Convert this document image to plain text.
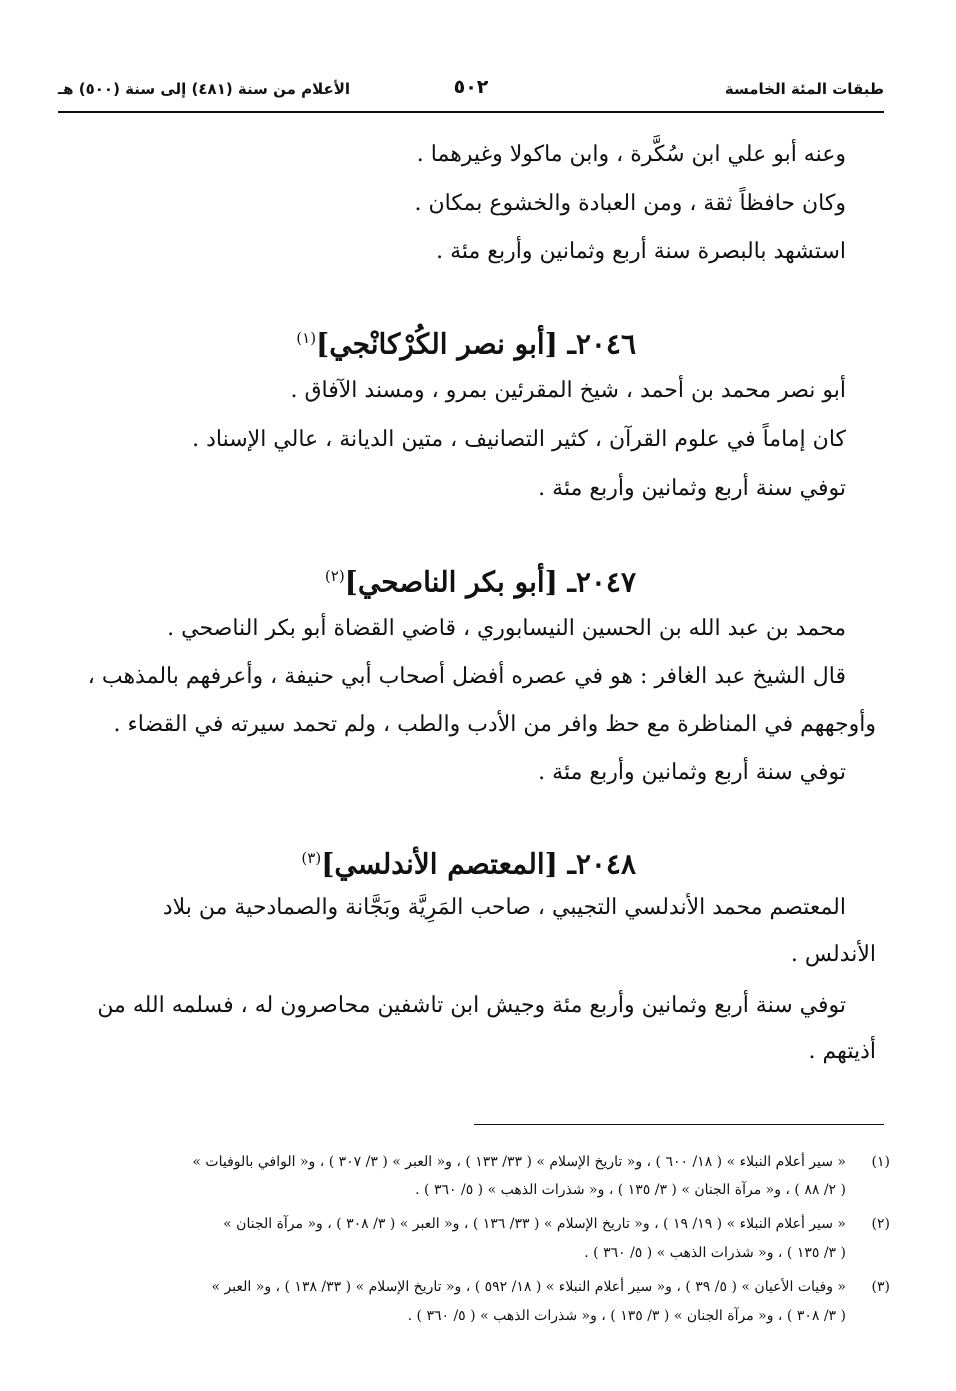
طبقات المئة الخامسة
٥٠٢
الأعلام من سنة (٤٨١) إلى سنة (٥٠٠) هـ
وعنه أبو علي ابن سُكَّرة ، وابن ماكولا وغيرهما .
وكان حافظاً ثقة ، ومن العبادة والخشوع بمكان .
استشهد بالبصرة سنة أربع وثمانين وأربع مئة .
٢٠٤٦ـ [أبو نصر الكُرْكانْجي]$^{(١)}$
أبو نصر محمد بن أحمد ، شيخ المقرئين بمرو ، ومسند الآفاق .
كان إماماً في علوم القرآن ، كثير التصانيف ، متين الديانة ، عالي الإسناد .
توفي سنة أربع وثمانين وأربع مئة .
٢٠٤٧ـ [أبو بكر الناصحي]$^{(٢)}$
محمد بن عبد الله بن الحسين النيسابوري ، قاضي القضاة أبو بكر الناصحي .
قال الشيخ عبد الغافر : هو في عصره أفضل أصحاب أبي حنيفة ، وأعرفهم بالمذهب ،
وأوجههم في المناظرة مع حظ وافر من الأدب والطب ، ولم تحمد سيرته في القضاء .
توفي سنة أربع وثمانين وأربع مئة .
٢٠٤٨ـ [المعتصم الأندلسي]$^{(٣)}$
المعتصم محمد الأندلسي التجيبي ، صاحب المَرِيَّة وبَجَّانة والصمادحية من بلاد
الأندلس .
توفي سنة أربع وثمانين وأربع مئة وجيش ابن تاشفين محاصرون له ، فسلمه الله من
أذيتهم .
(١)« سير أعلام النبلاء » ( ١٨/ ٦٠٠ ) ، و« تاريخ الإسلام » ( ٣٣/ ١٣٣ ) ، و« العبر » ( ٣/ ٣٠٧ ) ، و« الوافي بالوفيات »
( ٢/ ٨٨ ) ، و« مرآة الجنان » ( ٣/ ١٣٥ ) ، و« شذرات الذهب » ( ٥/ ٣٦٠ ) .
(٢)« سير أعلام النبلاء » ( ١٩/ ١٩ ) ، و« تاريخ الإسلام » ( ٣٣/ ١٣٦ ) ، و« العبر » ( ٣/ ٣٠٨ ) ، و« مرآة الجنان »
( ٣/ ١٣٥ ) ، و« شذرات الذهب » ( ٥/ ٣٦٠ ) .
(٣)« وفيات الأعيان » ( ٥/ ٣٩ ) ، و« سير أعلام النبلاء » ( ١٨/ ٥٩٢ ) ، و« تاريخ الإسلام » ( ٣٣/ ١٣٨ ) ، و« العبر »
( ٣/ ٣٠٨ ) ، و« مرآة الجنان » ( ٣/ ١٣٥ ) ، و« شذرات الذهب » ( ٥/ ٣٦٠ ) .
